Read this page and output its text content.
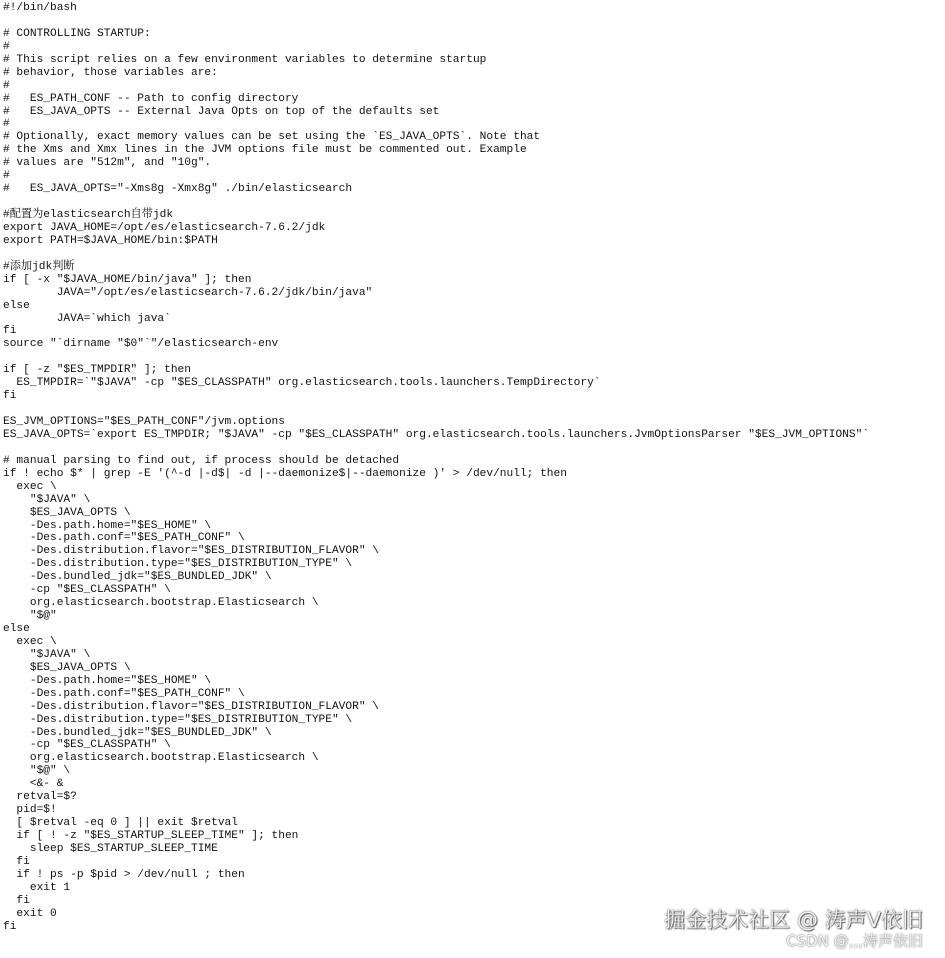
#!/bin/bash
# CONTROLLING STARTUP:
#
# This script relies on a few environment variables to determine startup
# behavior, those variables are:
#
#   ES_PATH_CONF -- Path to config directory
#   ES_JAVA_OPTS -- External Java Opts on top of the defaults set
#
# Optionally, exact memory values can be set using the `ES_JAVA_OPTS`. Note that
# the Xms and Xmx lines in the JVM options file must be commented out. Example
# values are "512m", and "10g".
#
#   ES_JAVA_OPTS="-Xms8g -Xmx8g" ./bin/elasticsearch
#配置为elasticsearch自带jdk
export JAVA_HOME=/opt/es/elasticsearch-7.6.2/jdk
export PATH=$JAVA_HOME/bin:$PATH
#添加jdk判断
if [ -x "$JAVA_HOME/bin/java" ]; then
JAVA="/opt/es/elasticsearch-7.6.2/jdk/bin/java"
else
JAVA=`which java`
fi
source "`dirname "$0"`"/elasticsearch-env
if [ -z "$ES_TMPDIR" ]; then
ES_TMPDIR=`"$JAVA" -cp "$ES_CLASSPATH" org.elasticsearch.tools.launchers.TempDirectory`
fi
ES_JVM_OPTIONS="$ES_PATH_CONF"/jvm.options
ES_JAVA_OPTS=`export ES_TMPDIR; "$JAVA" -cp "$ES_CLASSPATH" org.elasticsearch.tools.launchers.JvmOptionsParser "$ES_JVM_OPTIONS"`
# manual parsing to find out, if process should be detached
if ! echo $* | grep -E '(^-d |-d$| -d |--daemonize$|--daemonize )' > /dev/null; then
exec \
"$JAVA" \
$ES_JAVA_OPTS \
-Des.path.home="$ES_HOME" \
-Des.path.conf="$ES_PATH_CONF" \
-Des.distribution.flavor="$ES_DISTRIBUTION_FLAVOR" \
-Des.distribution.type="$ES_DISTRIBUTION_TYPE" \
-Des.bundled_jdk="$ES_BUNDLED_JDK" \
-cp "$ES_CLASSPATH" \
org.elasticsearch.bootstrap.Elasticsearch \
"$@"
else
exec \
"$JAVA" \
$ES_JAVA_OPTS \
-Des.path.home="$ES_HOME" \
-Des.path.conf="$ES_PATH_CONF" \
-Des.distribution.flavor="$ES_DISTRIBUTION_FLAVOR" \
-Des.distribution.type="$ES_DISTRIBUTION_TYPE" \
-Des.bundled_jdk="$ES_BUNDLED_JDK" \
-cp "$ES_CLASSPATH" \
org.elasticsearch.bootstrap.Elasticsearch \
"$@" \
<&- &
retval=$?
pid=$!
[ $retval -eq 0 ] || exit $retval
if [ ! -z "$ES_STARTUP_SLEEP_TIME" ]; then
sleep $ES_STARTUP_SLEEP_TIME
fi
if ! ps -p $pid > /dev/null ; then
exit 1
fi
exit 0
fi	掘金技术社区 @ 涛声V依旧
CSDN @,,,涛声依旧
